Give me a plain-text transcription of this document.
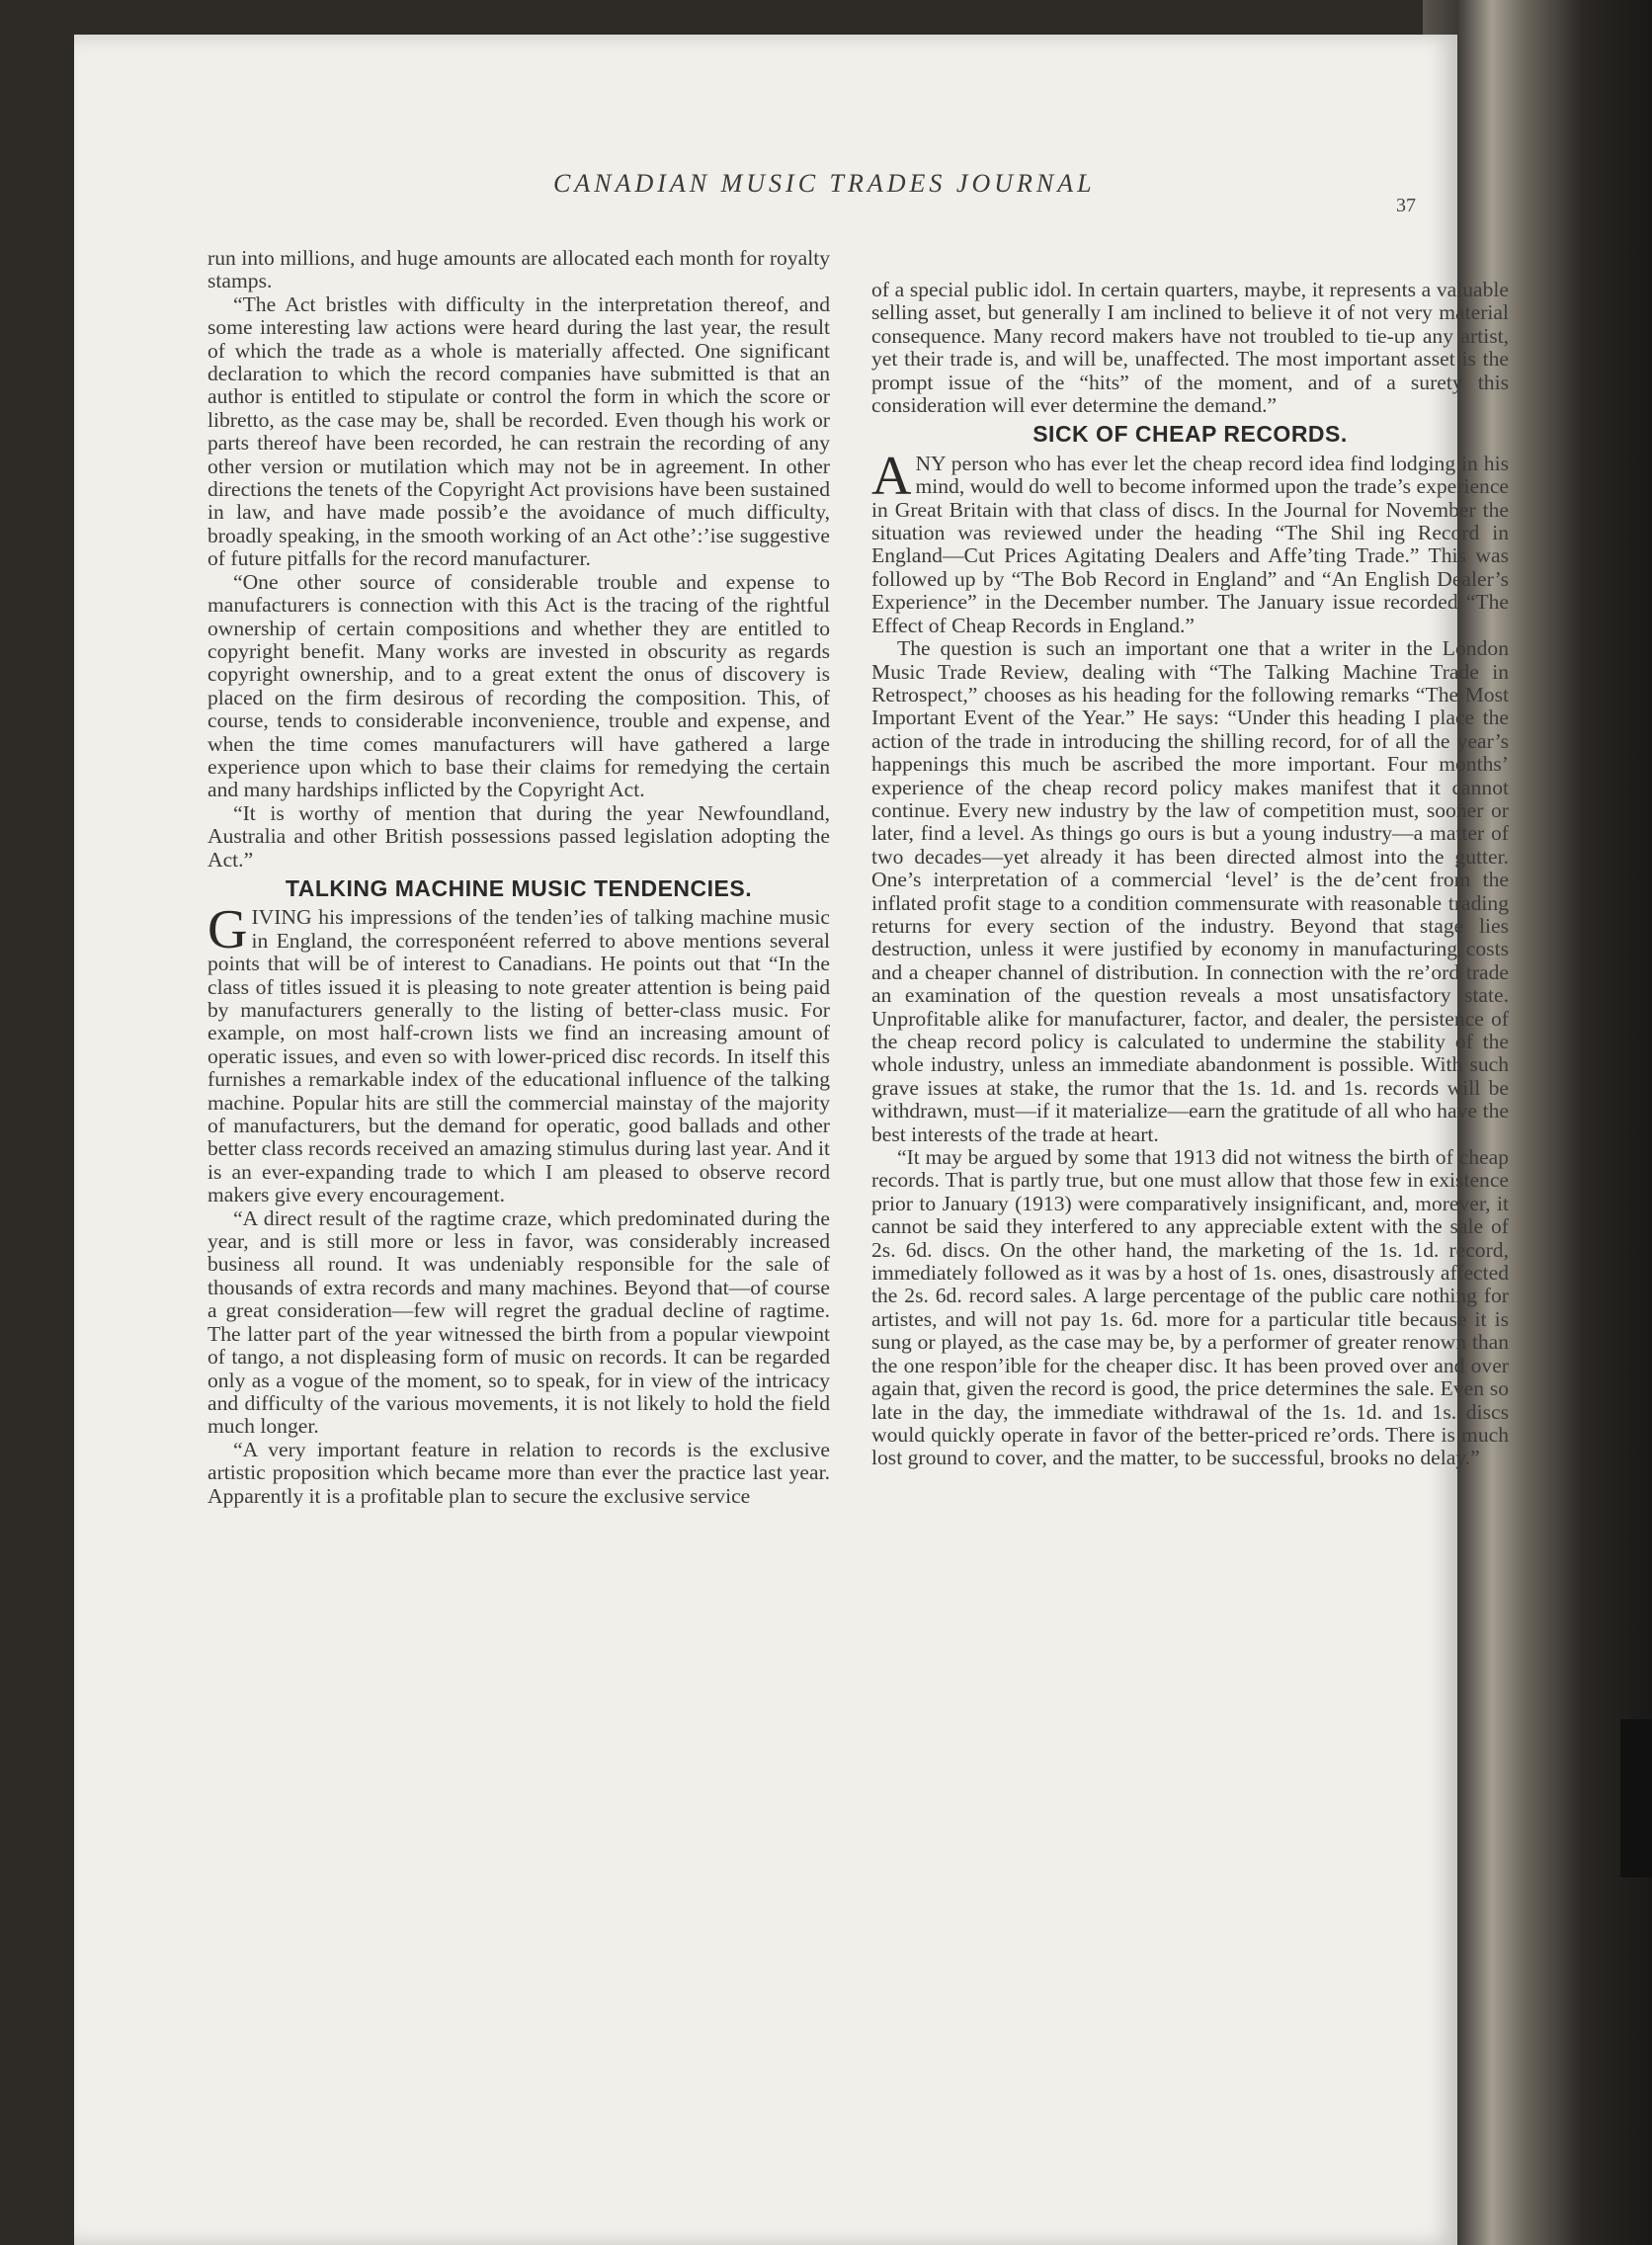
CANADIAN MUSIC TRADES JOURNAL
37

run into millions, and huge amounts are allocated each month for royalty stamps.

“The Act bristles with difficulty in the interpretation thereof, and some interesting law actions were heard during the last year, the result of which the trade as a whole is materially affected. One significant declaration to which the record companies have submitted is that an author is entitled to stipulate or control the form in which the score or libretto, as the case may be, shall be recorded. Even though his work or parts thereof have been recorded, he can restrain the recording of any other version or mutilation which may not be in agreement. In other directions the tenets of the Copyright Act provisions have been sustained in law, and have made possib’e the avoidance of much difficulty, broadly speaking, in the smooth working of an Act othe’:’ise suggestive of future pitfalls for the record manufacturer.

“One other source of considerable trouble and expense to manufacturers is connection with this Act is the tracing of the rightful ownership of certain compositions and whether they are entitled to copyright benefit. Many works are invested in obscurity as regards copyright ownership, and to a great extent the onus of discovery is placed on the firm desirous of recording the composition. This, of course, tends to considerable inconvenience, trouble and expense, and when the time comes manufacturers will have gathered a large experience upon which to base their claims for remedying the certain and many hardships inflicted by the Copyright Act.

“It is worthy of mention that during the year Newfoundland, Australia and other British possessions passed legislation adopting the Act.”

TALKING MACHINE MUSIC TENDENCIES.

GIVING his impressions of the tenden’ies of talking machine music in England, the corresponéent referred to above mentions several points that will be of interest to Canadians. He points out that “In the class of titles issued it is pleasing to note greater attention is being paid by manufacturers generally to the listing of better-class music. For example, on most half-crown lists we find an increasing amount of operatic issues, and even so with lower-priced disc records. In itself this furnishes a remarkable index of the educational influence of the talking machine. Popular hits are still the commercial mainstay of the majority of manufacturers, but the demand for operatic, good ballads and other better class records received an amazing stimulus during last year. And it is an ever-expanding trade to which I am pleased to observe record makers give every encouragement.

“A direct result of the ragtime craze, which predominated during the year, and is still more or less in favor, was considerably increased business all round. It was undeniably responsible for the sale of thousands of extra records and many machines. Beyond that—of course a great consideration—few will regret the gradual decline of ragtime. The latter part of the year witnessed the birth from a popular viewpoint of tango, a not displeasing form of music on records. It can be regarded only as a vogue of the moment, so to speak, for in view of the intricacy and difficulty of the various movements, it is not likely to hold the field much longer.

“A very important feature in relation to records is the exclusive artistic proposition which became more than ever the practice last year. Apparently it is a profitable plan to secure the exclusive service

of a special public idol. In certain quarters, maybe, it represents a valuable selling asset, but generally I am inclined to believe it of not very material consequence. Many record makers have not troubled to tie-up any artist, yet their trade is, and will be, unaffected. The most important asset is the prompt issue of the “hits” of the moment, and of a surety this consideration will ever determine the demand.”

SICK OF CHEAP RECORDS.

ANY person who has ever let the cheap record idea find lodging in his mind, would do well to become informed upon the trade’s experience in Great Britain with that class of discs. In the Journal for November the situation was reviewed under the heading “The Shil ing Record in England—Cut Prices Agitating Dealers and Affe’ting Trade.” This was followed up by “The Bob Record in England” and “An English Dealer’s Experience” in the December number. The January issue recorded “The Effect of Cheap Records in England.”

The question is such an important one that a writer in the London Music Trade Review, dealing with “The Talking Machine Trade in Retrospect,” chooses as his heading for the following remarks “The Most Important Event of the Year.” He says: “Under this heading I place the action of the trade in introducing the shilling record, for of all the year’s happenings this much be ascribed the more important. Four months’ experience of the cheap record policy makes manifest that it cannot continue. Every new industry by the law of competition must, sooner or later, find a level. As things go ours is but a young industry—a matter of two decades—yet already it has been directed almost into the gutter. One’s interpretation of a commercial ‘level’ is the de’cent from the inflated profit stage to a condition commensurate with reasonable trading returns for every section of the industry. Beyond that stage lies destruction, unless it were justified by economy in manufacturing costs and a cheaper channel of distribution. In connection with the re’ord trade an examination of the question reveals a most unsatisfactory state. Unprofitable alike for manufacturer, factor, and dealer, the persistence of the cheap record policy is calculated to undermine the stability of the whole industry, unless an immediate abandonment is possible. With such grave issues at stake, the rumor that the 1s. 1d. and 1s. records will be withdrawn, must—if it materialize—earn the gratitude of all who have the best interests of the trade at heart.

“It may be argued by some that 1913 did not witness the birth of cheap records. That is partly true, but one must allow that those few in existence prior to January (1913) were comparatively insignificant, and, morever, it cannot be said they interfered to any appreciable extent with the sale of 2s. 6d. discs. On the other hand, the marketing of the 1s. 1d. record, immediately followed as it was by a host of 1s. ones, disastrously affected the 2s. 6d. record sales. A large percentage of the public care nothing for artistes, and will not pay 1s. 6d. more for a particular title because it is sung or played, as the case may be, by a performer of greater renown than the one respon’ible for the cheaper disc. It has been proved over and over again that, given the record is good, the price determines the sale. Even so late in the day, the immediate withdrawal of the 1s. 1d. and 1s. discs would quickly operate in favor of the better-priced re’ords. There is much lost ground to cover, and the matter, to be successful, brooks no delay.”
